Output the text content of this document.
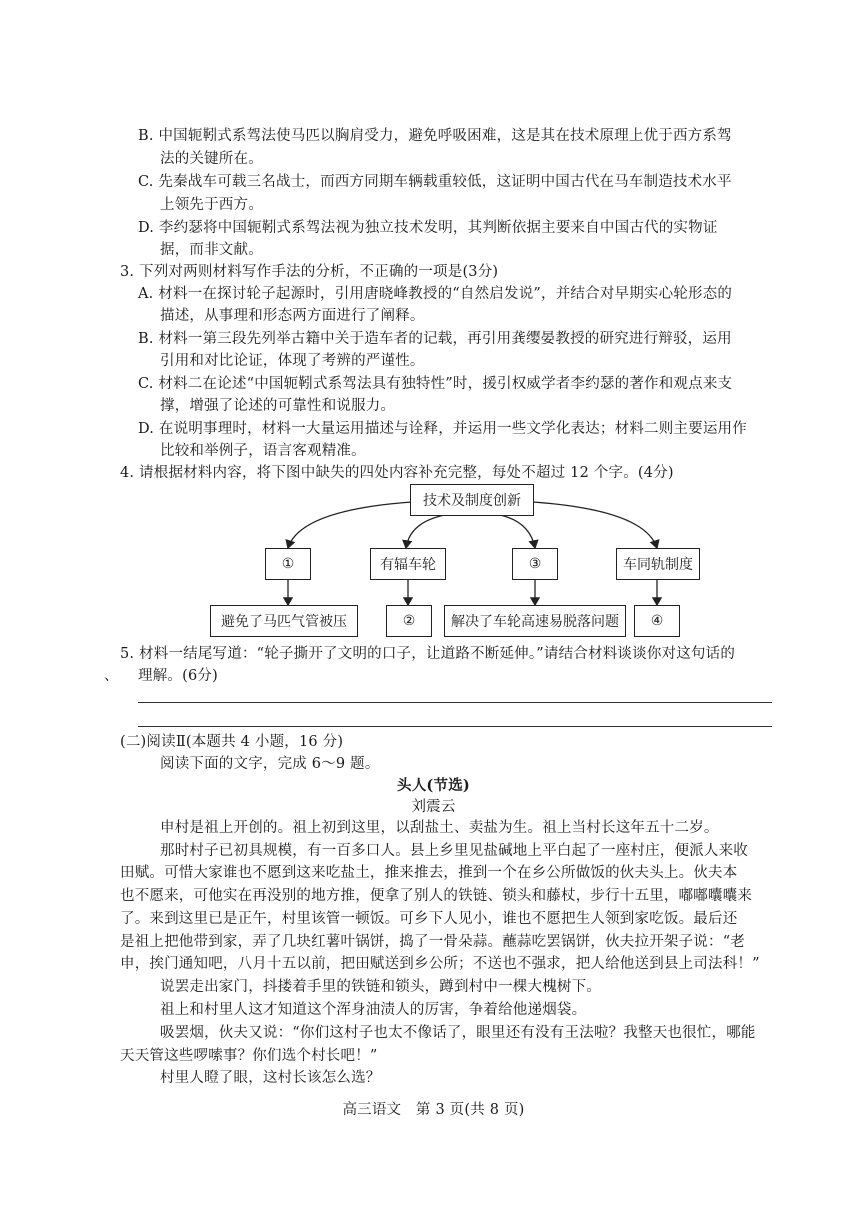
B. 中国轭靷式系驾法使马匹以胸肩受力，避免呼吸困难，这是其在技术原理上优于西方系驾
法的关键所在。
C. 先秦战车可载三名战士，而西方同期车辆载重较低，这证明中国古代在马车制造技术水平
上领先于西方。
D. 李约瑟将中国轭靷式系驾法视为独立技术发明，其判断依据主要来自中国古代的实物证
据，而非文献。
3. 下列对两则材料写作手法的分析，不正确的一项是(3分)
A. 材料一在探讨轮子起源时，引用唐晓峰教授的“自然启发说”，并结合对早期实心轮形态的
描述，从事理和形态两方面进行了阐释。
B. 材料一第三段先列举古籍中关于造车者的记载，再引用龚缨晏教授的研究进行辩驳，运用
引用和对比论证，体现了考辨的严谨性。
C. 材料二在论述“中国轭靷式系驾法具有独特性”时，援引权威学者李约瑟的著作和观点来支
撑，增强了论述的可靠性和说服力。
D. 在说明事理时，材料一大量运用描述与诠释，并运用一些文学化表达；材料二则主要运用作
比较和举例子，语言客观精准。
4. 请根据材料内容，将下图中缺失的四处内容补充完整，每处不超过 12 个字。(4分)
技术及制度创新
①	有辐车轮	③	车同轨制度
避免了马匹气管被压	②	解决了车轮高速易脱落问题	④
5. 材料一结尾写道：“轮子撕开了文明的口子，让道路不断延伸。”请结合材料谈谈你对这句话的
、 理解。(6分)
(二)阅读Ⅱ(本题共 4 小题，16 分)
阅读下面的文字，完成 6～9 题。
头人(节选)
刘震云
申村是祖上开创的。祖上初到这里，以刮盐土、卖盐为生。祖上当村长这年五十二岁。
那时村子已初具规模，有一百多口人。县上乡里见盐碱地上平白起了一座村庄，便派人来收
田赋。可惜大家谁也不愿到这来吃盐土，推来推去，推到一个在乡公所做饭的伙夫头上。伙夫本
也不愿来，可他实在再没别的地方推，便拿了别人的铁链、锁头和藤杖，步行十五里，嘟嘟囔囔来
了。来到这里已是正午，村里该管一顿饭。可乡下人见小，谁也不愿把生人领到家吃饭。最后还
是祖上把他带到家，弄了几块红薯叶锅饼，捣了一骨朵蒜。蘸蒜吃罢锅饼，伙夫拉开架子说：“老
申，挨门通知吧，八月十五以前，把田赋送到乡公所；不送也不强求，把人给他送到县上司法科！”
说罢走出家门，抖搂着手里的铁链和锁头，蹲到村中一棵大槐树下。
祖上和村里人这才知道这个浑身油渍人的厉害，争着给他递烟袋。
吸罢烟，伙夫又说：“你们这村子也太不像话了，眼里还有没有王法啦？我整天也很忙，哪能
天天管这些啰嗦事？你们选个村长吧！”
村里人瞪了眼，这村长该怎么选？
高三语文　第 3 页(共 8 页)
